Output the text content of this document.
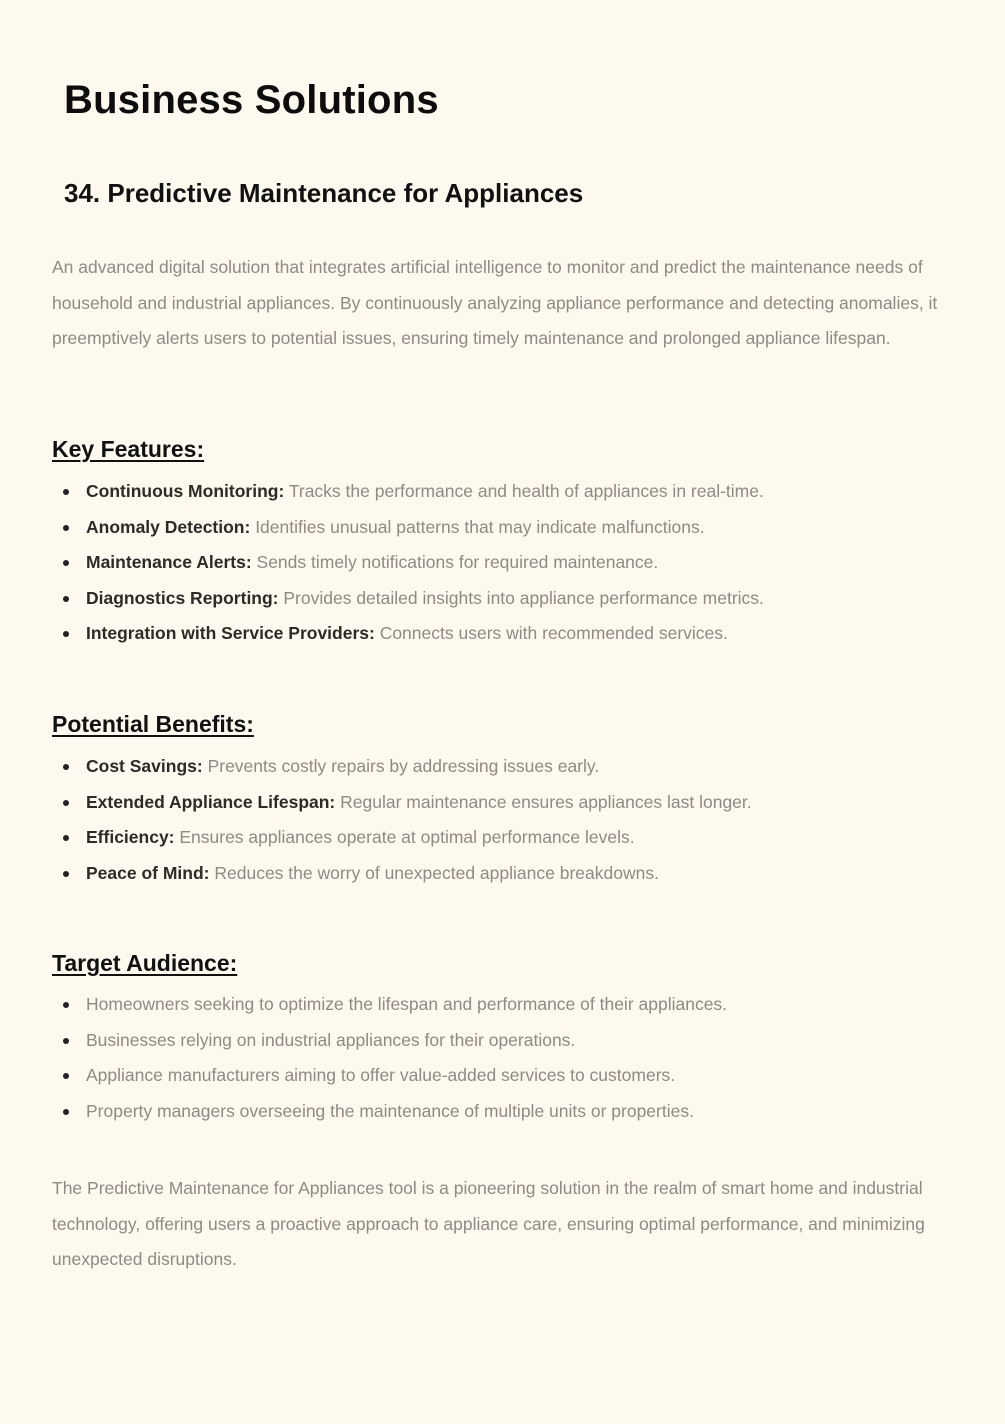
Business Solutions
34. Predictive Maintenance for Appliances

An advanced digital solution that integrates artificial intelligence to monitor and predict the maintenance needs of household and industrial appliances. By continuously analyzing appliance performance and detecting anomalies, it preemptively alerts users to potential issues, ensuring timely maintenance and prolonged appliance lifespan.

Key Features:
Continuous Monitoring: Tracks the performance and health of appliances in real-time.
Anomaly Detection: Identifies unusual patterns that may indicate malfunctions.
Maintenance Alerts: Sends timely notifications for required maintenance.
Diagnostics Reporting: Provides detailed insights into appliance performance metrics.
Integration with Service Providers: Connects users with recommended services.
Potential Benefits:
Cost Savings: Prevents costly repairs by addressing issues early.
Extended Appliance Lifespan: Regular maintenance ensures appliances last longer.
Efficiency: Ensures appliances operate at optimal performance levels.
Peace of Mind: Reduces the worry of unexpected appliance breakdowns.
Target Audience:
Homeowners seeking to optimize the lifespan and performance of their appliances.
Businesses relying on industrial appliances for their operations.
Appliance manufacturers aiming to offer value-added services to customers.
Property managers overseeing the maintenance of multiple units or properties.

The Predictive Maintenance for Appliances tool is a pioneering solution in the realm of smart home and industrial technology, offering users a proactive approach to appliance care, ensuring optimal performance, and minimizing unexpected disruptions.
